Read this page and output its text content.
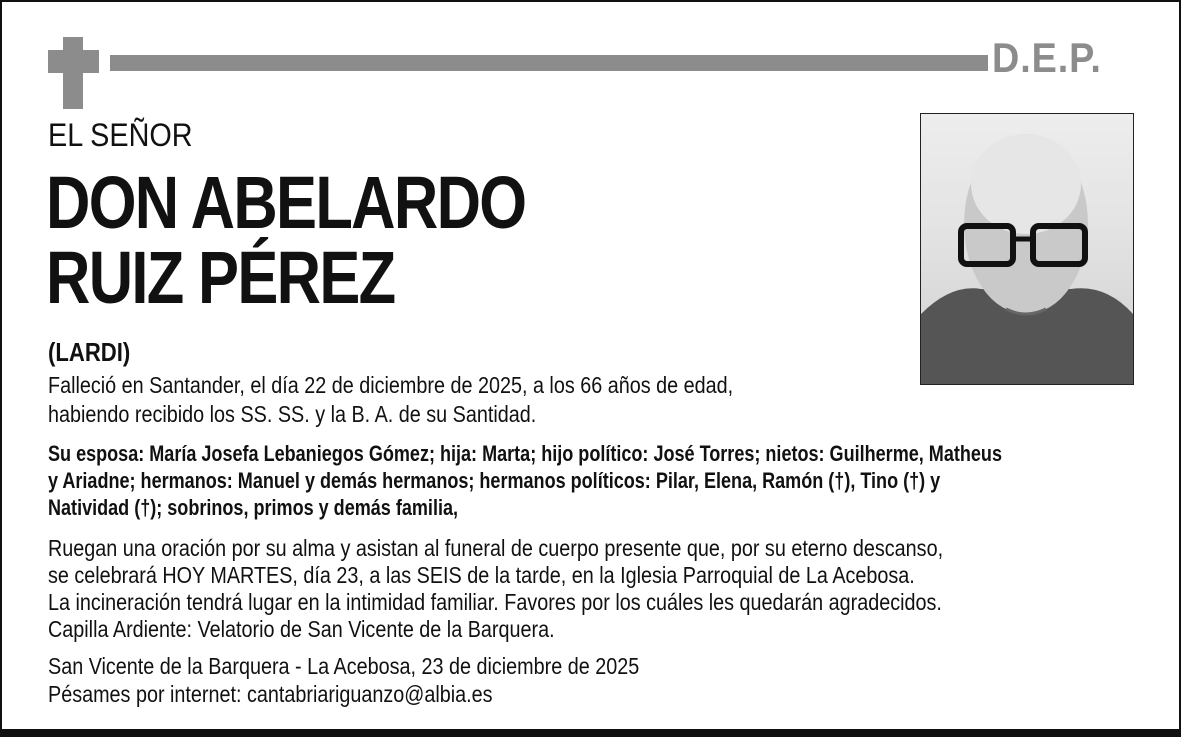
D.E.P.
EL SEÑOR
DON ABELARDO
RUIZ PÉREZ
(LARDI)
Falleció en Santander, el día 22 de diciembre de 2025, a los 66 años de edad,
habiendo recibido los SS. SS. y la B. A. de su Santidad.
Su esposa: María Josefa Lebaniegos Gómez; hija: Marta; hijo político: José Torres; nietos: Guilherme, Matheus
y Ariadne; hermanos: Manuel y demás hermanos; hermanos políticos: Pilar, Elena, Ramón (†), Tino (†) y
Natividad (†); sobrinos, primos y demás familia,
Ruegan una oración por su alma y asistan al funeral de cuerpo presente que, por su eterno descanso,
se celebrará HOY MARTES, día 23, a las SEIS de la tarde, en la Iglesia Parroquial de La Acebosa.
La incineración tendrá lugar en la intimidad familiar. Favores por los cuáles les quedarán agradecidos.
Capilla Ardiente: Velatorio de San Vicente de la Barquera.
San Vicente de la Barquera - La Acebosa, 23 de diciembre de 2025
Pésames por internet: cantabriariguanzo@albia.es
